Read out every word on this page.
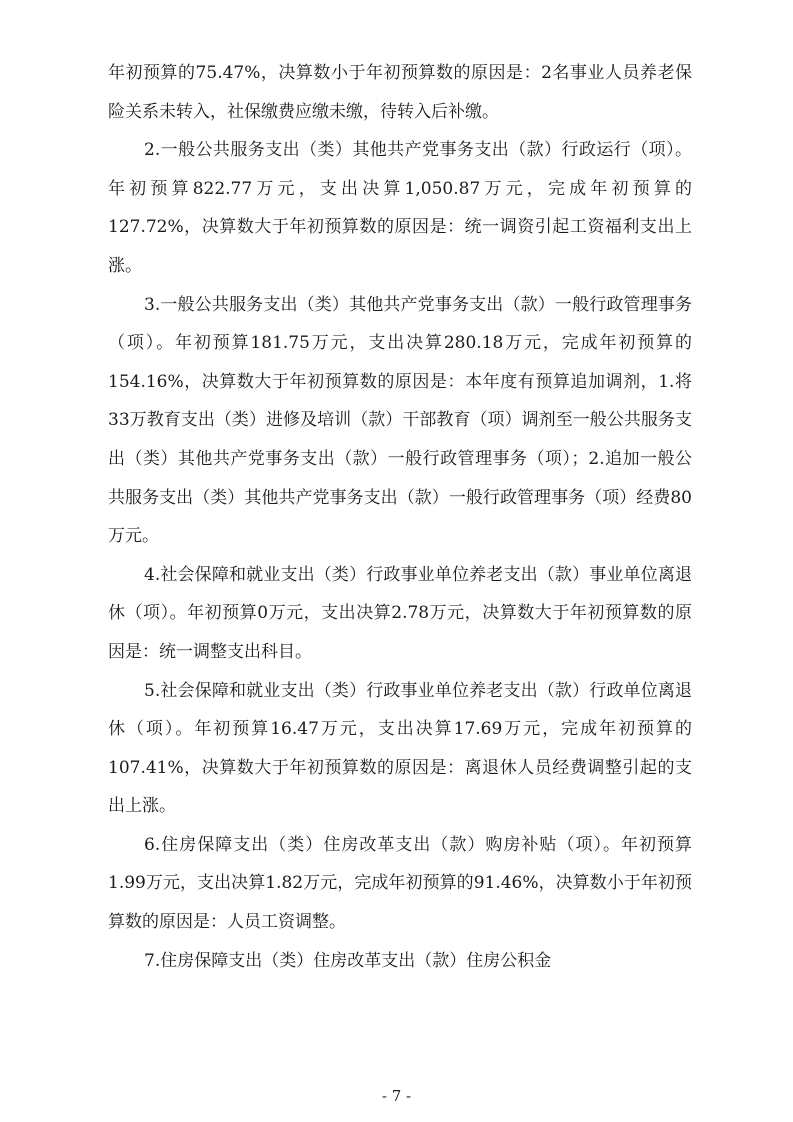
年初预算的75.47%，决算数小于年初预算数的原因是：2名事业人员养老保险关系未转入，社保缴费应缴未缴，待转入后补缴。

2.一般公共服务支出（类）其他共产党事务支出（款）行政运行（项）。年初预算822.77万元，支出决算1,050.87万元，完成年初预算的127.72%，决算数大于年初预算数的原因是：统一调资引起工资福利支出上涨。

3.一般公共服务支出（类）其他共产党事务支出（款）一般行政管理事务（项）。年初预算181.75万元，支出决算280.18万元，完成年初预算的154.16%，决算数大于年初预算数的原因是：本年度有预算追加调剂，1.将33万教育支出（类）进修及培训（款）干部教育（项）调剂至一般公共服务支出（类）其他共产党事务支出（款）一般行政管理事务（项）；2.追加一般公共服务支出（类）其他共产党事务支出（款）一般行政管理事务（项）经费80万元。

4.社会保障和就业支出（类）行政事业单位养老支出（款）事业单位离退休（项）。年初预算0万元，支出决算2.78万元，决算数大于年初预算数的原因是：统一调整支出科目。

5.社会保障和就业支出（类）行政事业单位养老支出（款）行政单位离退休（项）。年初预算16.47万元，支出决算17.69万元，完成年初预算的107.41%，决算数大于年初预算数的原因是：离退休人员经费调整引起的支出上涨。

6.住房保障支出（类）住房改革支出（款）购房补贴（项）。年初预算1.99万元，支出决算1.82万元，完成年初预算的91.46%，决算数小于年初预算数的原因是：人员工资调整。

7.住房保障支出（类）住房改革支出（款）住房公积金

- 7 -
